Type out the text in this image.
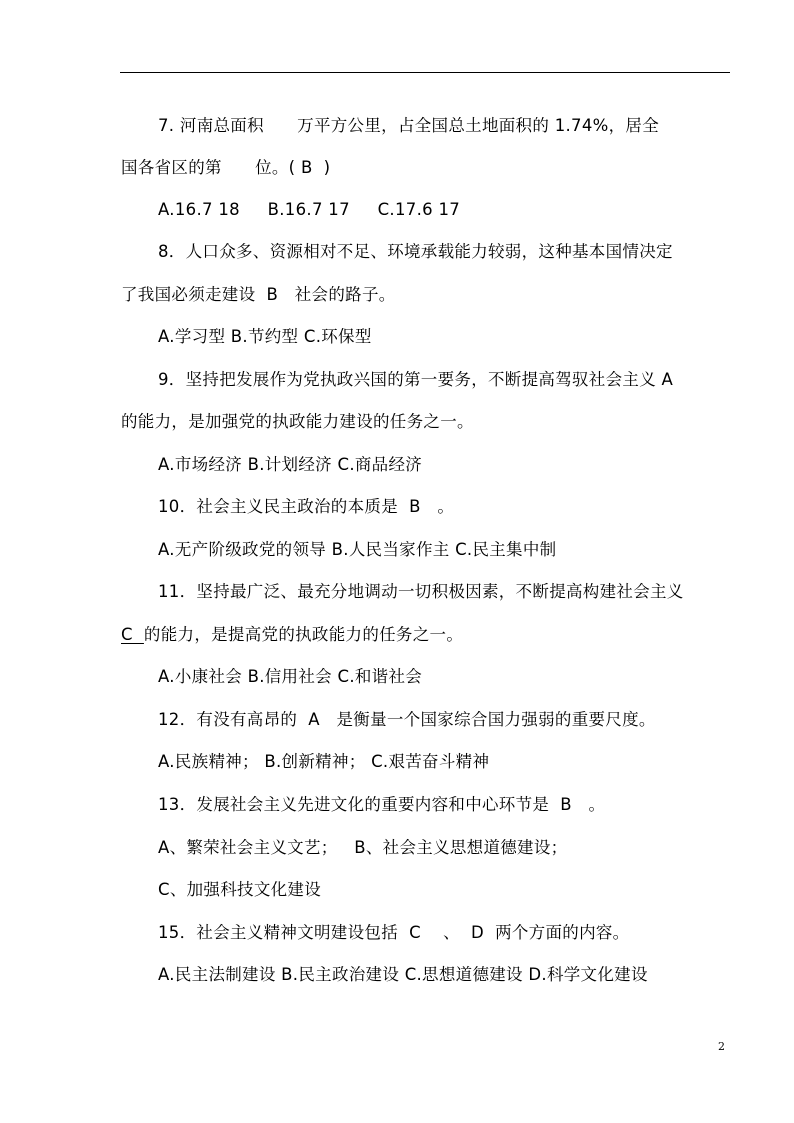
7. 河南总面积      万平方公里，占全国总土地面积的 1.74%，居全
国各省区的第      位。( B  )
A.16.7 18     B.16.7 17     C.17.6 17
8．人口众多、资源相对不足、环境承载能力较弱，这种基本国情决定
了我国必须走建设  B   社会的路子。
A.学习型 B.节约型 C.环保型
9．坚持把发展作为党执政兴国的第一要务，不断提高驾驭社会主义 A
的能力，是加强党的执政能力建设的任务之一。
A.市场经济 B.计划经济 C.商品经济
10．社会主义民主政治的本质是  B   。
A.无产阶级政党的领导 B.人民当家作主 C.民主集中制
11．坚持最广泛、最充分地调动一切积极因素，不断提高构建社会主义
C  的能力，是提高党的执政能力的任务之一。
A.小康社会 B.信用社会 C.和谐社会
12．有没有高昂的  A   是衡量一个国家综合国力强弱的重要尺度。
A.民族精神； B.创新精神； C.艰苦奋斗精神
13．发展社会主义先进文化的重要内容和中心环节是  B   。
A、繁荣社会主义文艺；   B、社会主义思想道德建设；
C、加强科技文化建设
15．社会主义精神文明建设包括  C    、  D  两个方面的内容。
A.民主法制建设 B.民主政治建设 C.思想道德建设 D.科学文化建设
2
